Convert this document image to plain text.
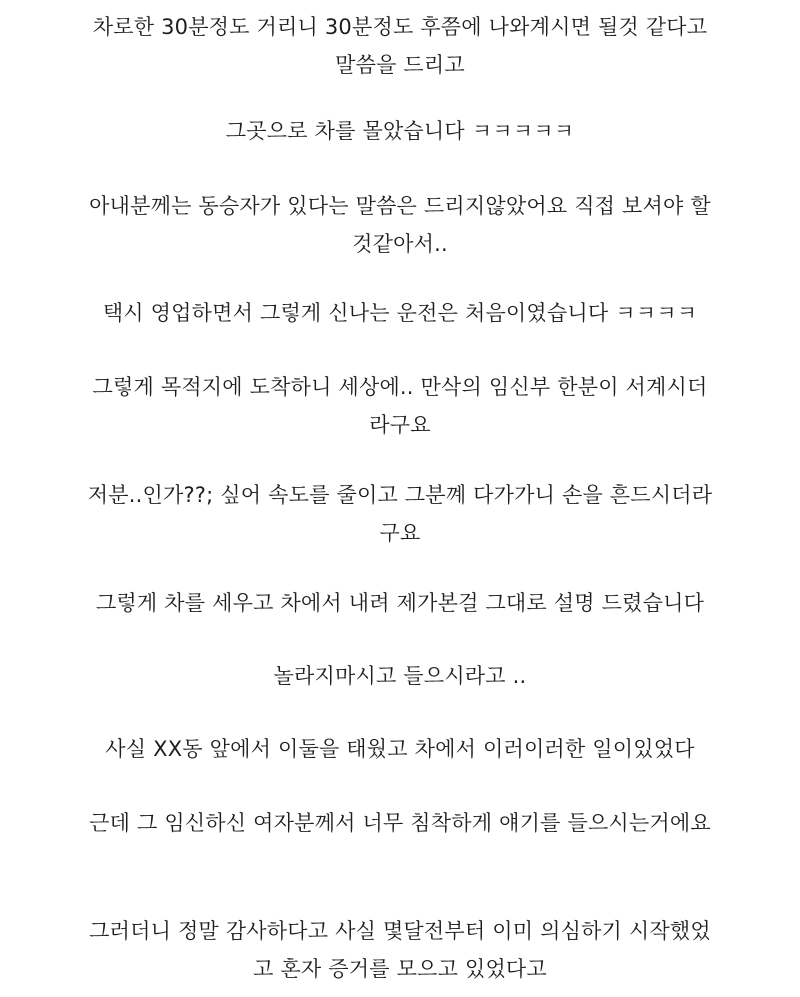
차로한 30분정도 거리니 30분정도 후쯤에 나와계시면 될것 같다고
말씀을 드리고
그곳으로 차를 몰았습니다 ㅋㅋㅋㅋㅋ
아내분께는 동승자가 있다는 말씀은 드리지않았어요 직접 보셔야 할
것같아서..
택시 영업하면서 그렇게 신나는 운전은 처음이였습니다 ㅋㅋㅋㅋ
그렇게 목적지에 도착하니 세상에.. 만삭의 임신부 한분이 서계시더
라구요
저분..인가??; 싶어 속도를 줄이고 그분꼐 다가가니 손을 흔드시더라
구요
그렇게 차를 세우고 차에서 내려 제가본걸 그대로 설명 드렸습니다
놀라지마시고 들으시라고 ..
사실 XX동 앞에서 이둘을 태웠고 차에서 이러이러한 일이있었다
근데 그 임신하신 여자분께서 너무 침착하게 얘기를 들으시는거에요
그러더니 정말 감사하다고 사실 몇달전부터 이미 의심하기 시작했었
고 혼자 증거를 모으고 있었다고
